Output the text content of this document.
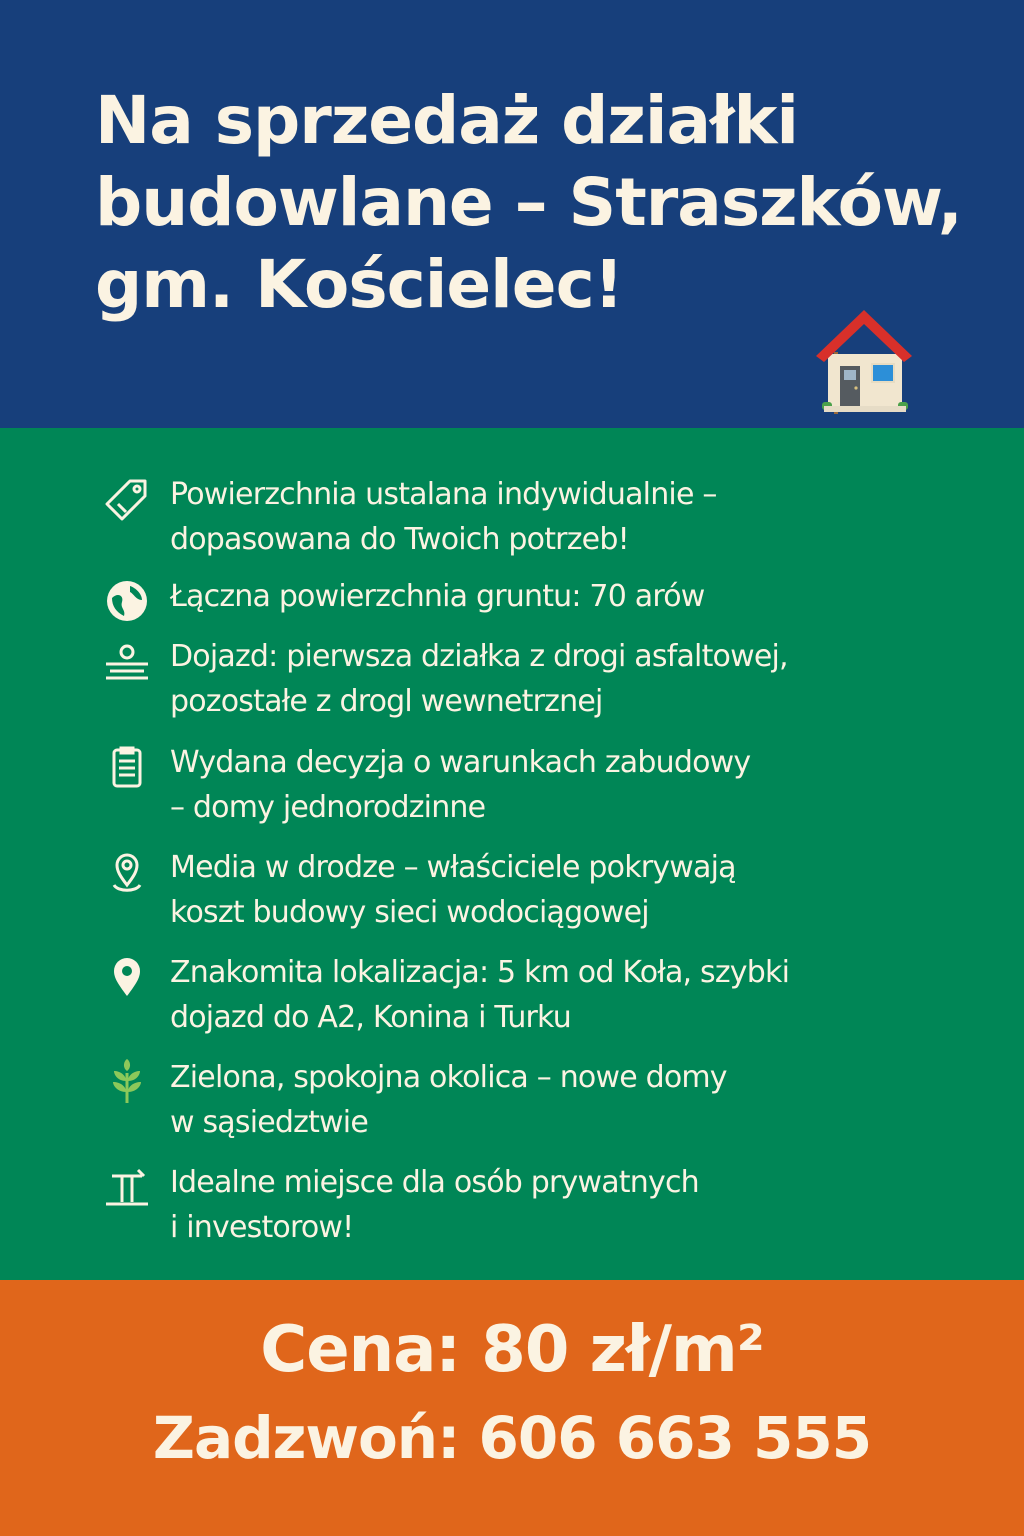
Na sprzedaż działki
budowlane – Straszków,
gm. Kościelec!
Powierzchnia ustalana indywidualnie –
dopasowana do Twoich potrzeb!
Łączna powierzchnia gruntu: 70 arów
Dojazd: pierwsza działka z drogi asfaltowej,
pozostałe z drogl wewnetrznej
Wydana decyzja o warunkach zabudowy
– domy jednorodzinne
Media w drodze – właściciele pokrywają
koszt budowy sieci wodociągowej
Znakomita lokalizacja: 5 km od Koła, szybki
dojazd do A2, Konina i Turku
Zielona, spokojna okolica – nowe domy
w sąsiedztwie
Idealne miejsce dla osób prywatnych
i investorow!
Cena: 80 zł/m²
Zadzwoń: 606 663 555
